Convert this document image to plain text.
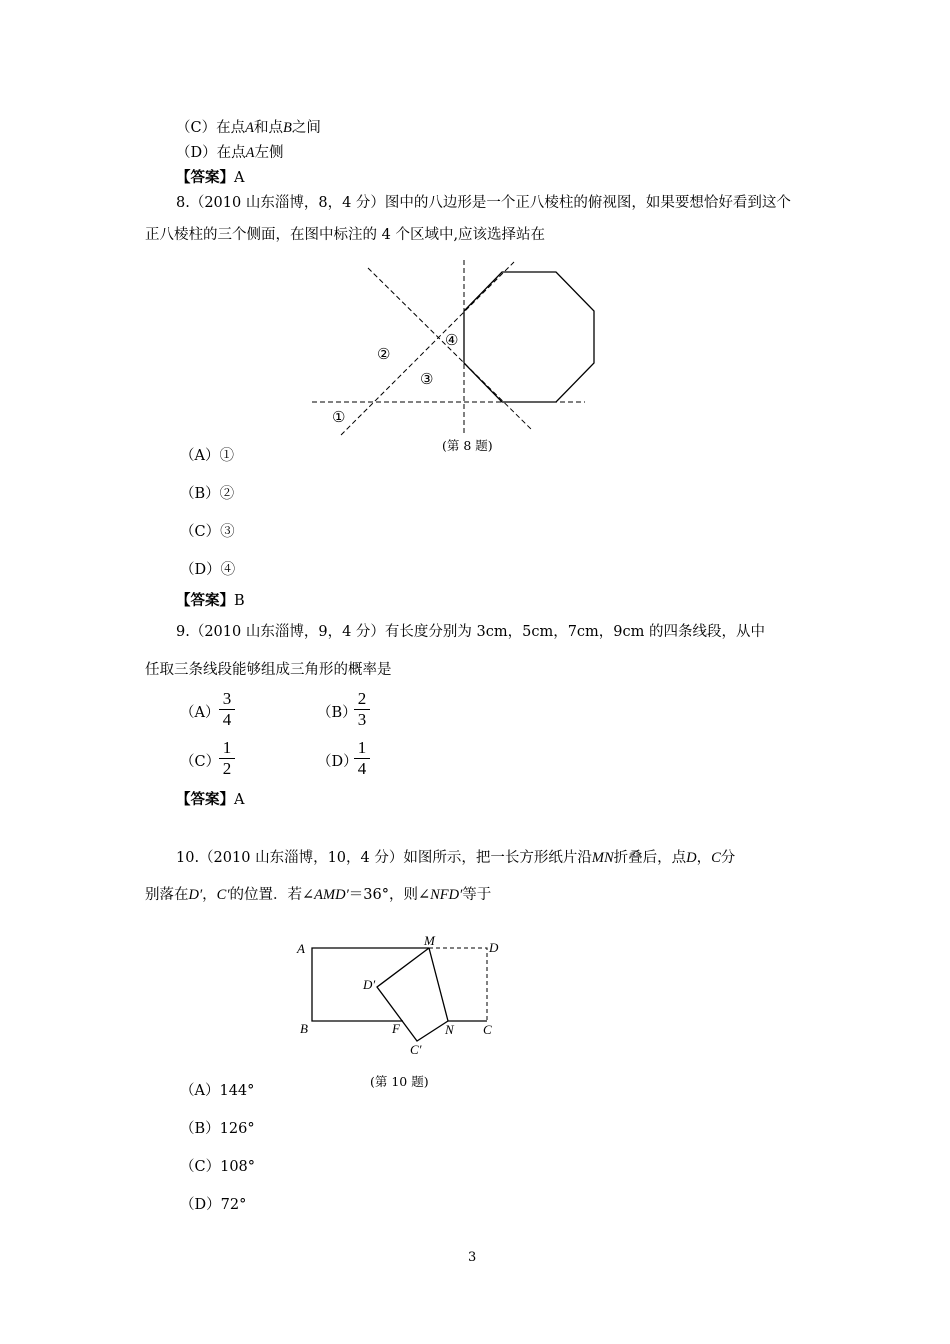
（C）在点A和点B之间
（D）在点A左侧
【答案】A
8.（2010 山东淄博，8，4 分）图中的八边形是一个正八棱柱的俯视图，如果要想恰好看到这个
正八棱柱的三个侧面，在图中标注的 4 个区域中,应该选择站在
①
②
③
④
(第 8 题)
（A）①
（B）②
（C）③
（D）④
【答案】B
9.（2010 山东淄博，9，4 分）有长度分别为 3cm，5cm，7cm，9cm 的四条线段，从中
任取三条线段能够组成三角形的概率是
（A）
3
4	（B）
2
3
（C）
1
2	（D）
1
4
【答案】A
10.（2010 山东淄博，10，4 分）如图所示，把一长方形纸片沿MN折叠后，点D，C分
别落在D′，C′的位置．若∠AMD′＝36°，则∠NFD′等于
A
M	D
D′
B	F	N C
C′
(第 10 题)
（A）144°
（B）126°
（C）108°
（D）72°
3
